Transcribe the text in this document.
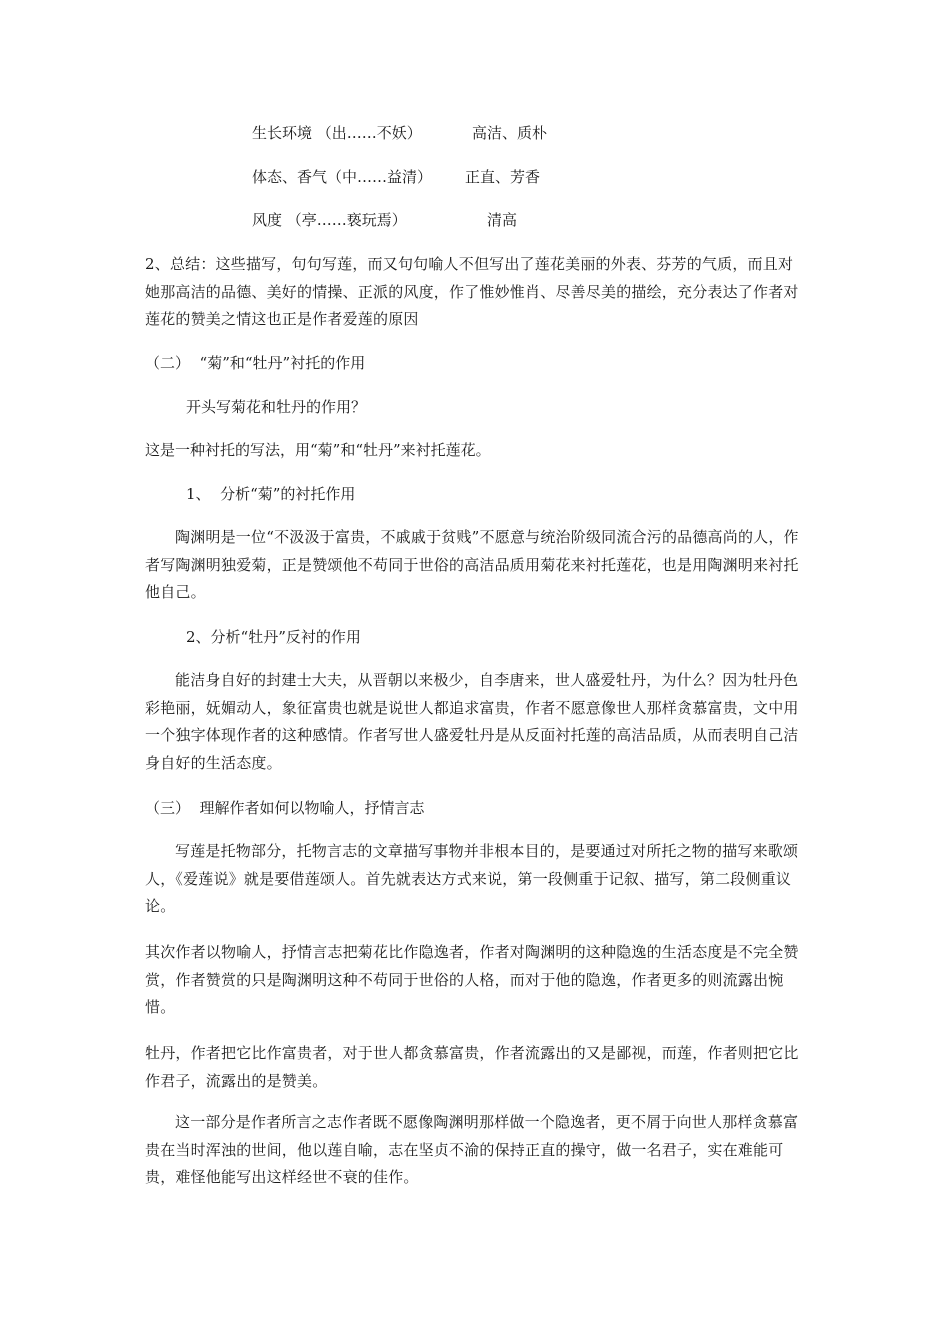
生长环境 （出……不妖）	高洁、质朴
体态、香气（中……益清） 正直、芳香
风度 （亭……亵玩焉）	清高
2、总结：这些描写，句句写莲，而又句句喻人不但写出了莲花美丽的外表、芬芳的气质，而且对她那高洁的品德、美好的情操、正派的风度，作了惟妙惟肖、尽善尽美的描绘，充分表达了作者对莲花的赞美之情这也正是作者爱莲的原因
（二）  “菊”和“牡丹”衬托的作用
开头写菊花和牡丹的作用？
这是一种衬托的写法，用“菊”和“牡丹”来衬托莲花。
1、  分析“菊”的衬托作用
陶渊明是一位“不汲汲于富贵，不戚戚于贫贱”不愿意与统治阶级同流合污的品德高尚的人，作者写陶渊明独爱菊，正是赞颂他不苟同于世俗的高洁品质用菊花来衬托莲花，也是用陶渊明来衬托他自己。
2、分析“牡丹”反衬的作用
能洁身自好的封建士大夫，从晋朝以来极少，自李唐来，世人盛爱牡丹，为什么？因为牡丹色彩艳丽，妩媚动人，象征富贵也就是说世人都追求富贵，作者不愿意像世人那样贪慕富贵，文中用一个独字体现作者的这种感情。作者写世人盛爱牡丹是从反面衬托莲的高洁品质，从而表明自己洁身自好的生活态度。
（三）  理解作者如何以物喻人，抒情言志
写莲是托物部分，托物言志的文章描写事物并非根本目的，是要通过对所托之物的描写来歌颂人，《爱莲说》就是要借莲颂人。首先就表达方式来说，第一段侧重于记叙、描写，第二段侧重议论。
其次作者以物喻人，抒情言志把菊花比作隐逸者，作者对陶渊明的这种隐逸的生活态度是不完全赞赏，作者赞赏的只是陶渊明这种不苟同于世俗的人格，而对于他的隐逸，作者更多的则流露出惋惜。
牡丹，作者把它比作富贵者，对于世人都贪慕富贵，作者流露出的又是鄙视，而莲，作者则把它比作君子，流露出的是赞美。
这一部分是作者所言之志作者既不愿像陶渊明那样做一个隐逸者，更不屑于向世人那样贪慕富贵在当时浑浊的世间，他以莲自喻，志在坚贞不渝的保持正直的操守，做一名君子，实在难能可贵，难怪他能写出这样经世不衰的佳作。
